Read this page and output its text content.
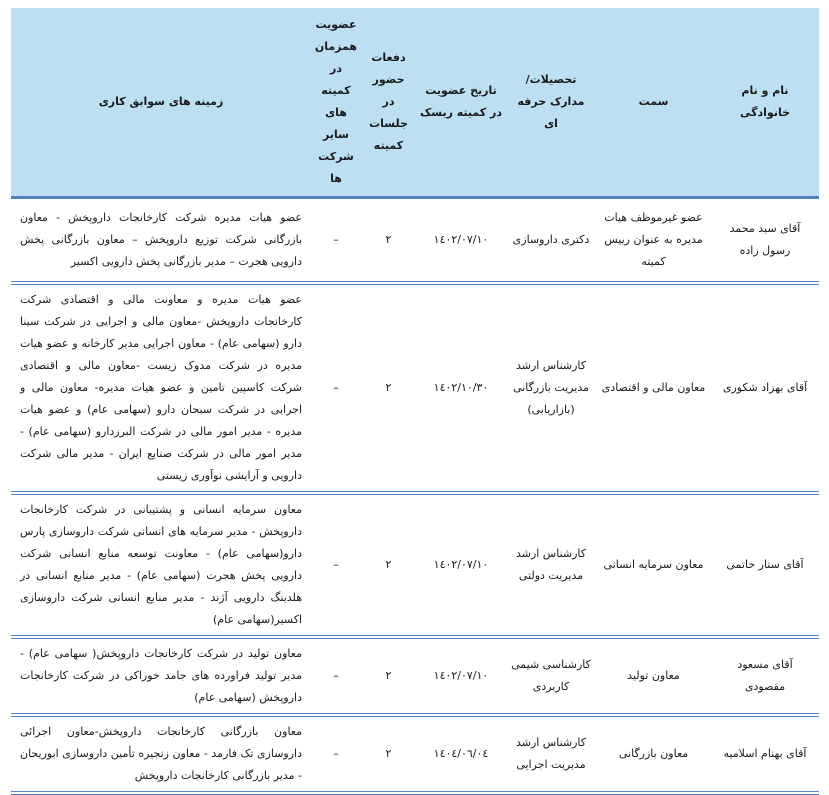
نام و نام خانوادگی	سمت	تحصیلات/مدارک حرفه ای	تاریخ عضویت در کمیته ریسک	دفعات حضور در جلسات کمیته	عضویت همزمان در کمیته های سایر شرکت ها	زمینه های سوابق کاری
آقای سید محمد رسول زاده	عضو غیرموظف هیات مدیره به عنوان رییس کمیته	دکتری داروسازی	١٤٠٢/٠٧/١٠	٢	–	عضو هیات مدیره شرکت کارخانجات داروپخش - معاون بازرگانی شرکت توزیع داروپخش – معاون بازرگانی پخش دارویی هجرت – مدیر بازرگانی پخش دارویی اکسیر
آقای بهزاد شکوری	معاون مالی و اقتصادی	کارشناس ارشد مدیریت بازرگانی (بازاریابی)	١٤٠٢/١٠/٣٠	٢	–	عضو هیات مدیره و معاونت مالی و اقتصادی شرکت کارخانجات داروپخش -معاون مالی و اجرایی در شرکت سینا دارو (سهامی عام) - معاون اجرایی مدیر کارخانه و عضو هیات مدیره در شرکت مدوک زیست -معاون مالی و اقتصادی شرکت کاسپین تامین و عضو هیات مدیره- معاون مالی و اجرایی در شرکت سبحان دارو (سهامی عام) و عضو هیات مدیره - مدیر امور مالی در شرکت البرزدارو (سهامی عام) - مدیر امور مالی در شرکت صنایع ایران - مدیر مالی شرکت دارویی و آرایشی نوآوری زیستی
آقای ستار حاتمی	معاون سرمایه انسانی	کارشناس ارشد مدیریت دولتی	١٤٠٢/٠٧/١٠	٢	–	معاون سرمایه انسانی و پشتیبانی در شرکت کارخانجات داروپخش - مدیر سرمایه های انسانی شرکت داروسازی پارس دارو(سهامی عام) - معاونت توسعه منابع انسانی شرکت دارویی پخش هجرت (سهامی عام) - مدیر منابع انسانی در هلدینگ دارویی آژند - مدیر منابع انسانی شرکت داروسازی اکسیر(سهامی عام)
آقای مسعود مقصودی	معاون تولید	کارشناسی شیمی کاربردی	١٤٠٢/٠٧/١٠	٢	–	معاون تولید در شرکت کارخانجات داروپخش( سهامی عام) - مدیر تولید فراورده های جامد خوراکی در شرکت کارخانجات داروپخش (سهامی عام)
آقای بهنام اسلامیه	معاون بازرگانی	کارشناس ارشد مدیریت اجرایی	١٤٠٤/٠٦/٠٤	٢	–	معاون بازرگانی کارخانجات داروپخش-معاون اجرائی داروسازی تک فارمد - معاون زنجیره تأمین داروسازی ابوریحان - مدیر بازرگانی کارخانجات داروپخش
